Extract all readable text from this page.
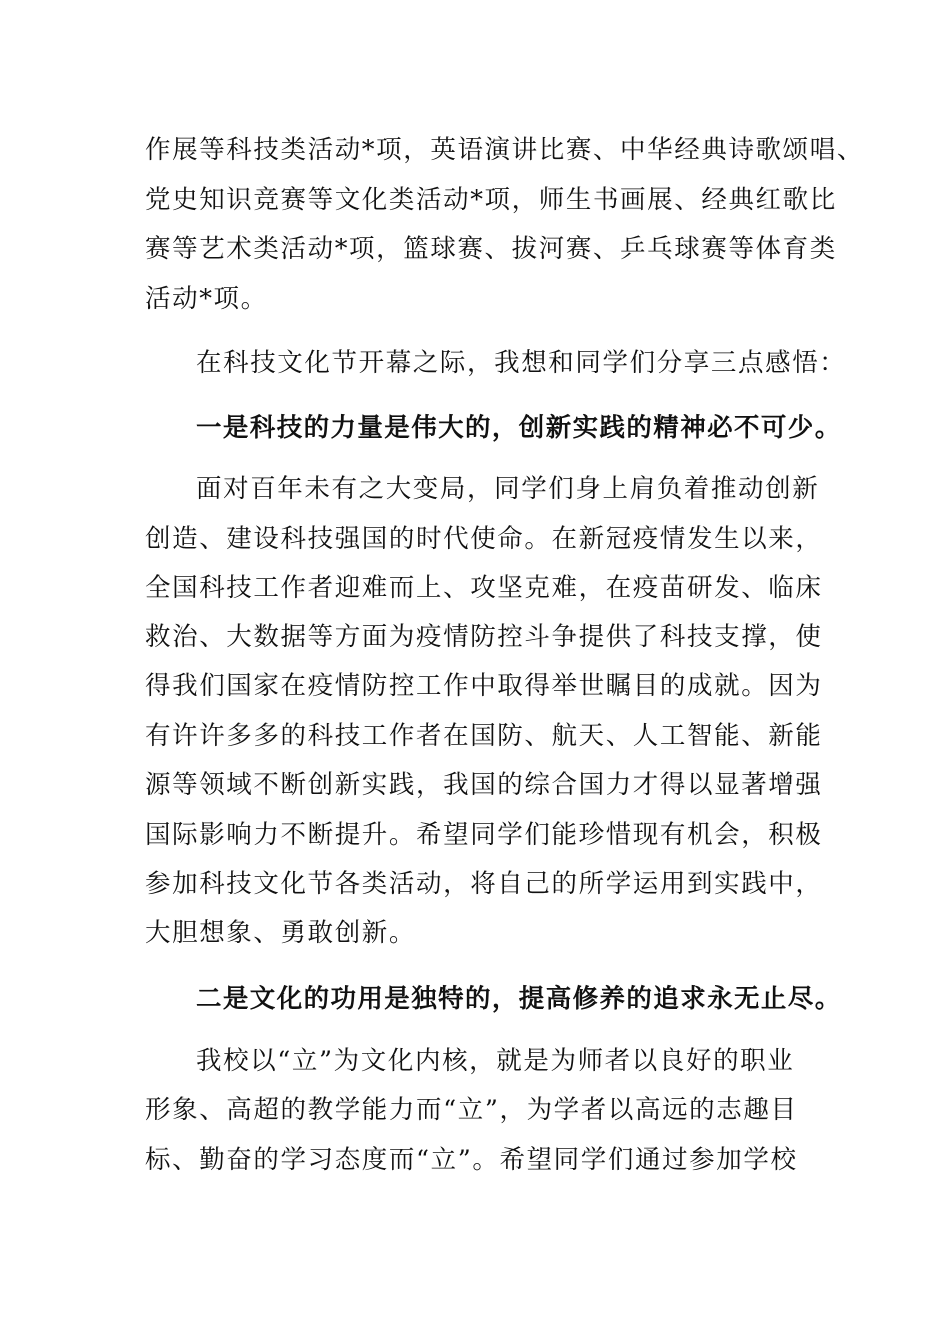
作展等科技类活动*项，英语演讲比赛、中华经典诗歌颂唱、
党史知识竞赛等文化类活动*项，师生书画展、经典红歌比
赛等艺术类活动*项，篮球赛、拔河赛、乒乓球赛等体育类
活动*项。
在科技文化节开幕之际，我想和同学们分享三点感悟：
一是科技的力量是伟大的，创新实践的精神必不可少。
面对百年未有之大变局，同学们身上肩负着推动创新
创造、建设科技强国的时代使命。在新冠疫情发生以来，
全国科技工作者迎难而上、攻坚克难，在疫苗研发、临床
救治、大数据等方面为疫情防控斗争提供了科技支撑，使
得我们国家在疫情防控工作中取得举世瞩目的成就。因为
有许许多多的科技工作者在国防、航天、人工智能、新能
源等领域不断创新实践，我国的综合国力才得以显著增强
国际影响力不断提升。希望同学们能珍惜现有机会，积极
参加科技文化节各类活动，将自己的所学运用到实践中，
大胆想象、勇敢创新。
二是文化的功用是独特的，提高修养的追求永无止尽。
我校以“立”为文化内核，就是为师者以良好的职业
形象、高超的教学能力而“立”，为学者以高远的志趣目
标、勤奋的学习态度而“立”。希望同学们通过参加学校
